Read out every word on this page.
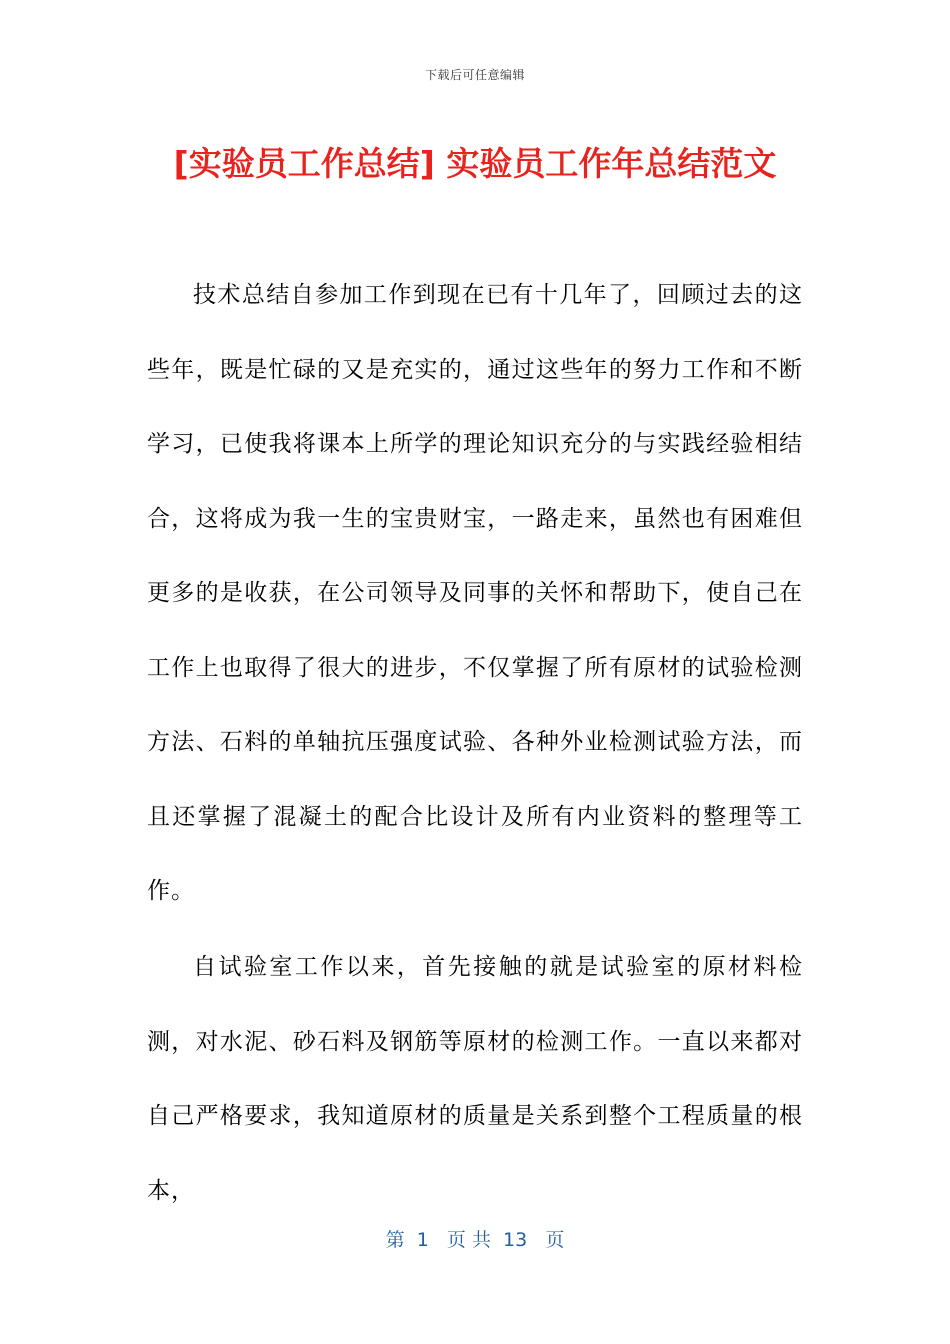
下载后可任意编辑
[实验员工作总结] 实验员工作年总结范文

技术总结自参加工作到现在已有十几年了，回顾过去的这些年，既是忙碌的又是充实的，通过这些年的努力工作和不断学习，已使我将课本上所学的理论知识充分的与实践经验相结合，这将成为我一生的宝贵财宝，一路走来，虽然也有困难但更多的是收获，在公司领导及同事的关怀和帮助下，使自己在工作上也取得了很大的进步，不仅掌握了所有原材的试验检测方法、石料的单轴抗压强度试验、各种外业检测试验方法，而且还掌握了混凝土的配合比设计及所有内业资料的整理等工作。

自试验室工作以来，首先接触的就是试验室的原材料检测，对水泥、砂石料及钢筋等原材的检测工作。一直以来都对自己严格要求，我知道原材的质量是关系到整个工程质量的根本，

第  1   页 共  13   页
